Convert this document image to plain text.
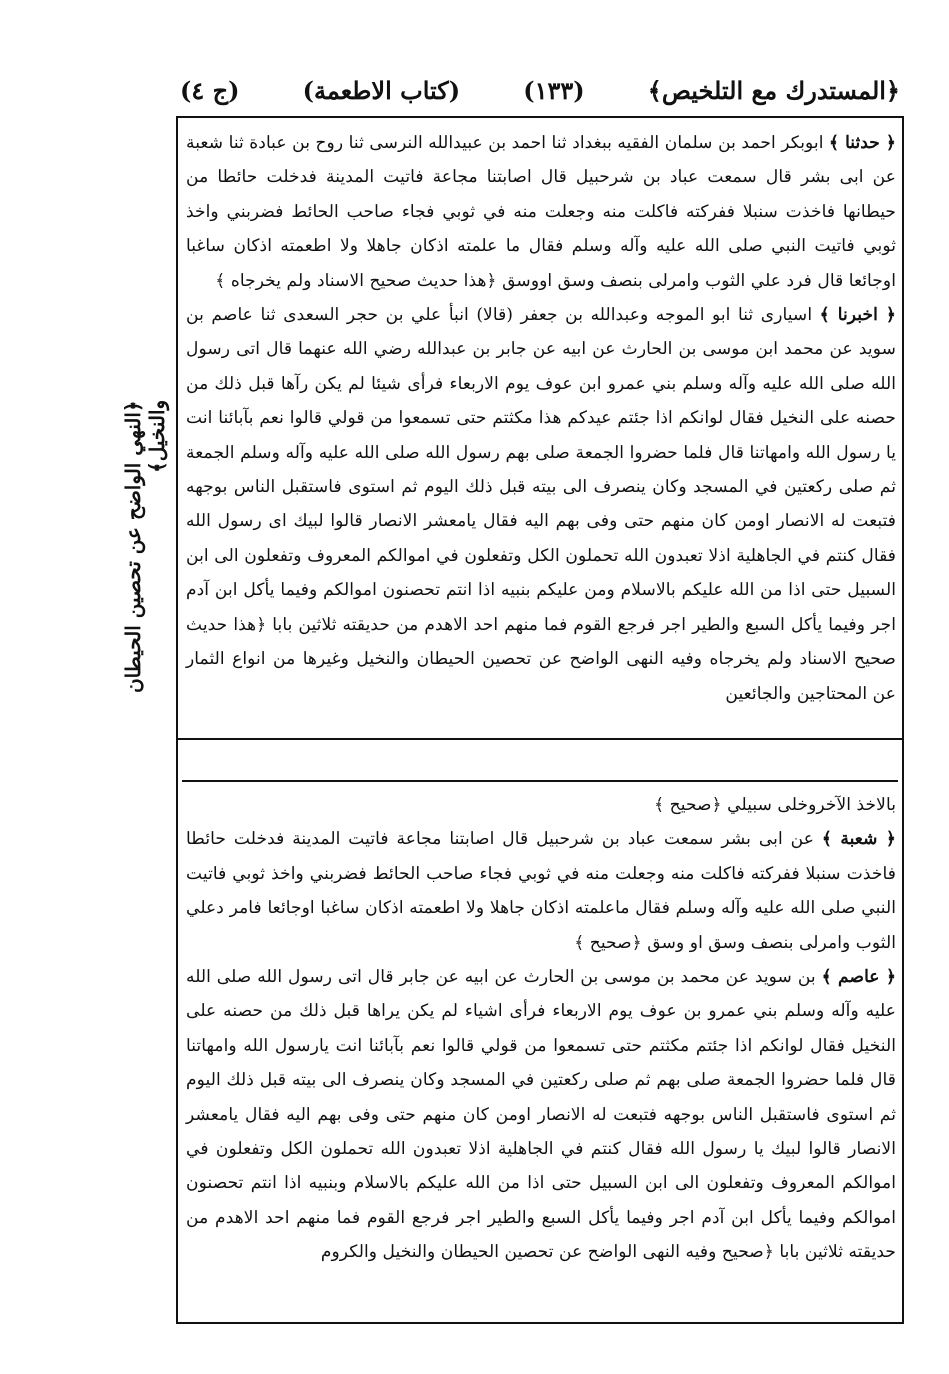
﴿المستدرك مع التلخيص﴾
(١٣٣)
(كتاب الاطعمة)
(ج ٤)
﴿النهي الواضح عن تحصين الحيطان والنخيل﴾

﴿ حدثنا ﴾ ابوبكر احمد بن سلمان الفقيه ببغداد ثنا احمد بن عبيدالله النرسى ثنا روح بن عبادة ثنا شعبة عن ابى بشر قال سمعت عباد بن شرحبيل قال اصابتنا مجاعة فاتيت المدينة فدخلت حائطا من حيطانها فاخذت سنبلا ففركته فاكلت منه وجعلت منه في ثوبي فجاء صاحب الحائط فضربني واخذ ثوبي فاتيت النبي صلى الله عليه وآله وسلم فقال ما علمته اذكان جاهلا ولا اطعمته اذكان ساغبا اوجائعا قال فرد علي الثوب وامرلى بنصف وسق اووسق ﴿هذا حديث صحيح الاسناد ولم يخرجاه ﴾

﴿ اخبرنا ﴾ اسيارى ثنا ابو الموجه وعبدالله بن جعفر (قالا) انبأ علي بن حجر السعدى ثنا عاصم بن سويد عن محمد ابن موسى بن الحارث عن ابيه عن جابر بن عبدالله رضي الله عنهما قال اتى رسول الله صلى الله عليه وآله وسلم بني عمرو ابن عوف يوم الاربعاء فرأى شيئا لم يكن رآها قبل ذلك من حصنه على النخيل فقال لوانكم اذا جئتم عيدكم هذا مكثتم حتى تسمعوا من قولي قالوا نعم بآبائنا انت يا رسول الله وامهاتنا قال فلما حضروا الجمعة صلى بهم رسول الله صلى الله عليه وآله وسلم الجمعة ثم صلى ركعتين في المسجد وكان ينصرف الى بيته قبل ذلك اليوم ثم استوى فاستقبل الناس بوجهه فتبعت له الانصار اومن كان منهم حتى وفى بهم اليه فقال يامعشر الانصار قالوا لبيك اى رسول الله فقال كنتم في الجاهلية اذلا تعبدون الله تحملون الكل وتفعلون في اموالكم المعروف وتفعلون الى ابن السبيل حتى اذا من الله عليكم بالاسلام ومن عليكم بنبيه اذا انتم تحصنون اموالكم وفيما يأكل ابن آدم اجر وفيما يأكل السبع والطير اجر فرجع القوم فما منهم احد الاهدم من حديقته ثلاثين بابا ﴿هذا حديث صحيح الاسناد ولم يخرجاه وفيه النهى الواضح عن تحصين الحيطان والنخيل وغيرها من انواع الثمار عن المحتاجين والجائعين

بالاخذ الآخروخلى سبيلي ﴿صحيح ﴾

﴿ شعبة ﴾ عن ابى بشر سمعت عباد بن شرحبيل قال اصابتنا مجاعة فاتيت المدينة فدخلت حائطا فاخذت سنبلا ففركته فاكلت منه وجعلت منه في ثوبي فجاء صاحب الحائط فضربني واخذ ثوبي فاتيت النبي صلى الله عليه وآله وسلم فقال ماعلمته اذكان جاهلا ولا اطعمته اذكان ساغبا اوجائعا فامر دعلي الثوب وامرلى بنصف وسق او وسق ﴿صحيح ﴾

﴿ عاصم ﴾ بن سويد عن محمد بن موسى بن الحارث عن ابيه عن جابر قال اتى رسول الله صلى الله عليه وآله وسلم بني عمرو بن عوف يوم الاربعاء فرأى اشياء لم يكن يراها قبل ذلك من حصنه على النخيل فقال لوانكم اذا جئتم مكثتم حتى تسمعوا من قولي قالوا نعم بآبائنا انت يارسول الله وامهاتنا قال فلما حضروا الجمعة صلى بهم ثم صلى ركعتين في المسجد وكان ينصرف الى بيته قبل ذلك اليوم ثم استوى فاستقبل الناس بوجهه فتبعت له الانصار اومن كان منهم حتى وفى بهم اليه فقال يامعشر الانصار قالوا لبيك يا رسول الله فقال كنتم في الجاهلية اذلا تعبدون الله تحملون الكل وتفعلون في اموالكم المعروف وتفعلون الى ابن السبيل حتى اذا من الله عليكم بالاسلام وبنبيه اذا انتم تحصنون اموالكم وفيما يأكل ابن آدم اجر وفيما يأكل السبع والطير اجر فرجع القوم فما منهم احد الاهدم من حديقته ثلاثين بابا ﴿صحيح وفيه النهى الواضح عن تحصين الحيطان والنخيل والكروم
